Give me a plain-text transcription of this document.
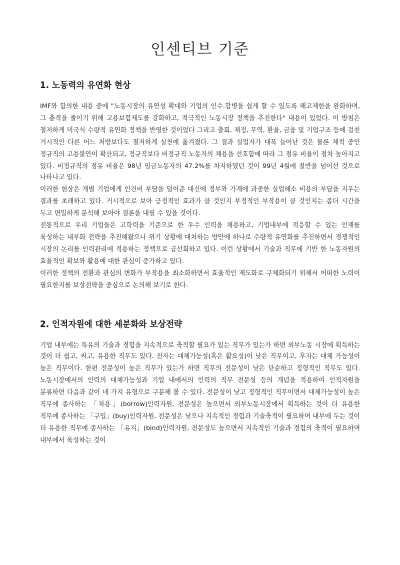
인센티브 기준
1. 노동력의 유연화 현상

IMF와 함의한 내용 중에 "노동시장의 유연성 확대와 기업의 인수.합병을 쉽게 할 수 있도록 해고제한을 완화하며, 그 충격을 줄이기 위해 고용보험제도를 강화하고, 적극적인 노동시장 정책을 추진한다" 내용이 있었다. 이 방침은 철저하게 미국식 수량적 유연화 정책을 반영한 것이었다 그리고 출회, 재정, 무역, 환율, 금융 및 기업구조 등에 걸친 거시적인 다른 어느 처방보다도 철저하게 실천에 옮겨졌다. 그 결과 실업자가 대폭 늘어난 것은 물론 제적 중인 정규직의 고용불안이 확산되고, 정규직보다 비정규직 노동자의 채용을 선호함에 따라 그 점유 비율이 점차 높아지고 있다. 비정규직의 점유 비율은 98년 임금노동자의 47.2%를 차지하였던 것이 99년 4월에 절반을 넘어선 것으로 나타나고 있다.

이러한 현상은 개별 기업에게 인건비 부담을 덜어준 대신에 정부와 가계에 과중한 실업해소 비용의 부담을 지우는 결과를 초래하고 있다. 거시적으로 보아 긍정적인 효과가 클 것인지 부정적인 부작용이 클 것인지는 좀더 시간을 두고 면밀하게 분석해 보아야 결론을 내릴 수 있을 것이다.

전통적으로 우리 기업들은 고학력을 기준으로 한 우수 인력을 채용하고, 기업내부에 적응할 수 있는 인재를 육성하는 내부화 전략을 추진해왔으나 위기 상황에 대처하는 방안에 하나로 수량적 유연화를 추진하면서 경쟁적인 시장의 논리를 인력관리에 적용하는 정책으로 급선회하고 있다. 이런 상황에서 기술과 직무에 기반 한 노동자원의 효율적인 확보와 활용에 대한 관심이 증가하고 있다.

이러한 정책의 전환과 관심의 변화가 부작용을 최소화하면서 효율적인 제도화로 구체화되기 위해서 어떠한 노력이 필요한지를 보상전략을 중심으로 논의해 보기로 한다.

2. 인적자원에 대한 세분화와 보상전략

기업 내부에는 특유의 기술과 경험을 지속적으로 축적할 필요가 있는 직무가 있는가 하면 외부노동 시장에 획득하는 것이 더 쉽고, 싸고, 유용한 직무도 있다. 전자는 대체가능성(혹은 활요성)이 낮은 직무이고, 후자는 대체 가능성이 높은 직무이다. 한편 전문성이 높은 직무가 있는가 하면 직무의 전문성이 낮은 단순하고 정형적인 직무도 있다. 노동시장에서의 인력의 대체가능성과 기업 내에서의 인력의 직무 전문성 등의 개념을 적용하여 인적자원을 분류하면 다음과 같이 네 가지 유형으로 구분해 볼 수 있다. 전문성이 낮고 정형적인 직무이면서 대체가능성이 높은 직무에 종사하는 「차용」(borrow)인력자원, 전문성은 높으면서 외부노동시장에서 획득하는 것이 더 유용한 직무에 종사하는 「구입」(buy)인력자원, 전문성은 낮으나 지속적인 경험과 기술축적이 필요하며 내부에 두는 것이 더 유용한 직무에 종사하는 「유지」(bind)인력자원, 전문성도 높으면서 지속적인 기술과 경험의 축적이 필요하며 내부에서 육성하는 것이
